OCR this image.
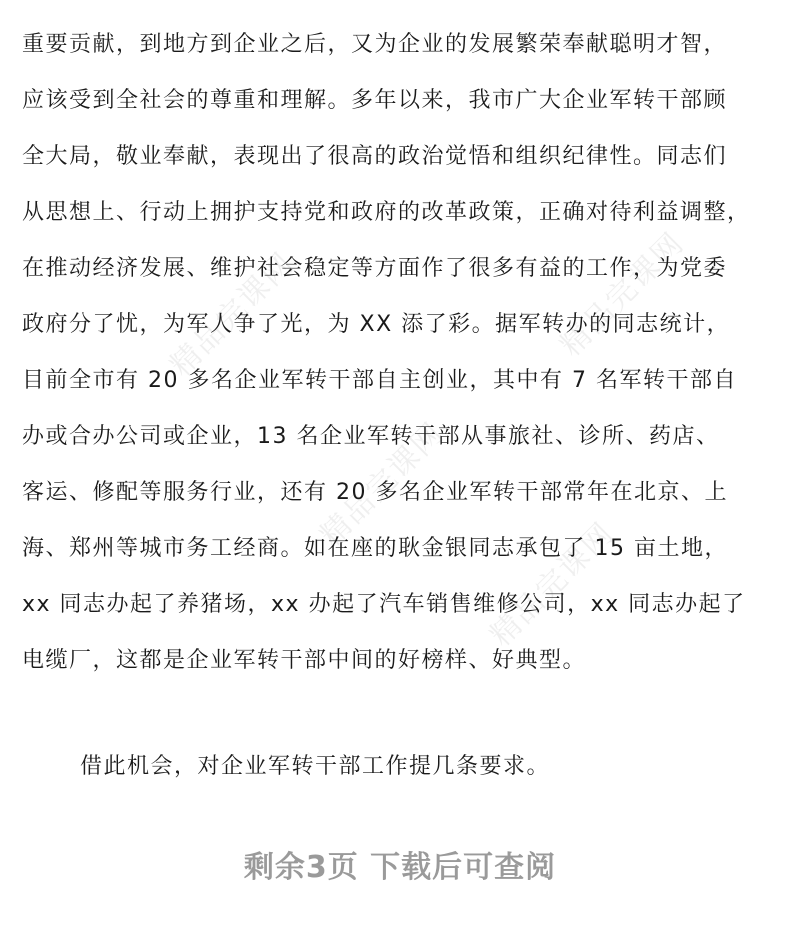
精品完课网
精品完课网
精品完课网
精品完课网
重要贡献，到地方到企业之后，又为企业的发展繁荣奉献聪明才智，
应该受到全社会的尊重和理解。多年以来，我市广大企业军转干部顾
全大局，敬业奉献，表现出了很高的政治觉悟和组织纪律性。同志们
从思想上、行动上拥护支持党和政府的改革政策，正确对待利益调整，
在推动经济发展、维护社会稳定等方面作了很多有益的工作，为党委
政府分了忧，为军人争了光，为 XX 添了彩。据军转办的同志统计，
目前全市有 20 多名企业军转干部自主创业，其中有 7 名军转干部自
办或合办公司或企业，13 名企业军转干部从事旅社、诊所、药店、
客运、修配等服务行业，还有 20 多名企业军转干部常年在北京、上
海、郑州等城市务工经商。如在座的耿金银同志承包了 15 亩土地，
xx 同志办起了养猪场，xx 办起了汽车销售维修公司，xx 同志办起了
电缆厂，这都是企业军转干部中间的好榜样、好典型。
借此机会，对企业军转干部工作提几条要求。
剩余3页 下载后可查阅
